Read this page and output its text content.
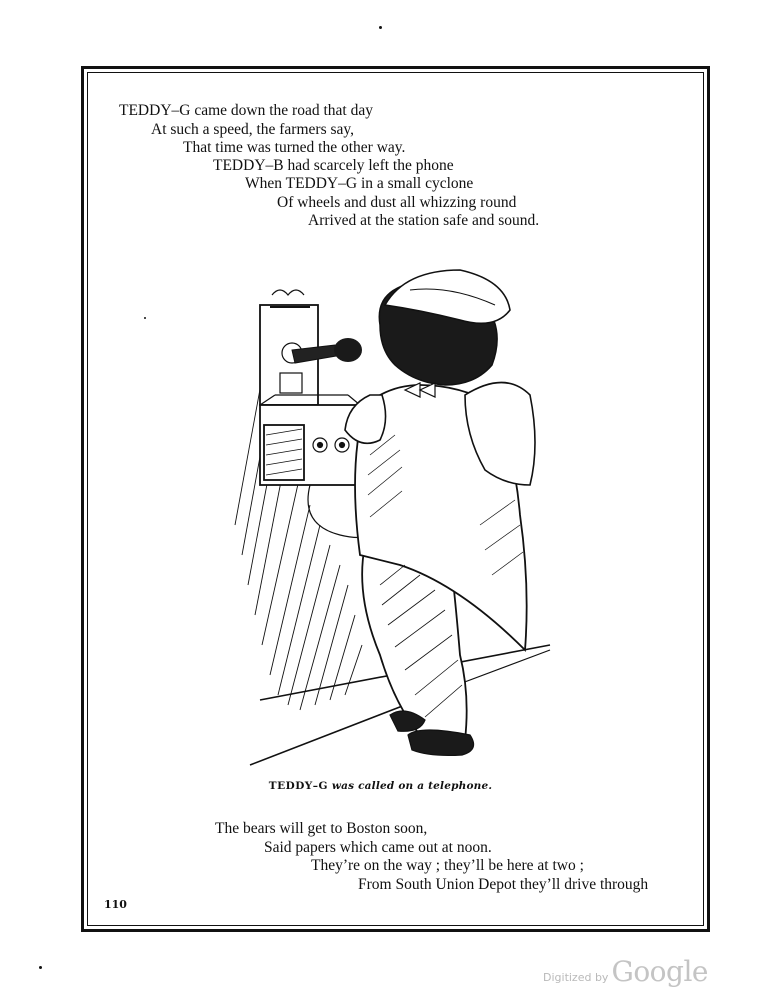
TEDDY–G came down the road that day
At such a speed, the farmers say,
That time was turned the other way.
TEDDY–B had scarcely left the phone
When TEDDY–G in a small cyclone
Of wheels and dust all whizzing round
Arrived at the station safe and sound.
TEDDY–G was called on a telephone.
The bears will get to Boston soon,
Said papers which came out at noon.
They’re on the way ; they’ll be here at two ;
From South Union Depot they’ll drive through
110
Digitized by Google
